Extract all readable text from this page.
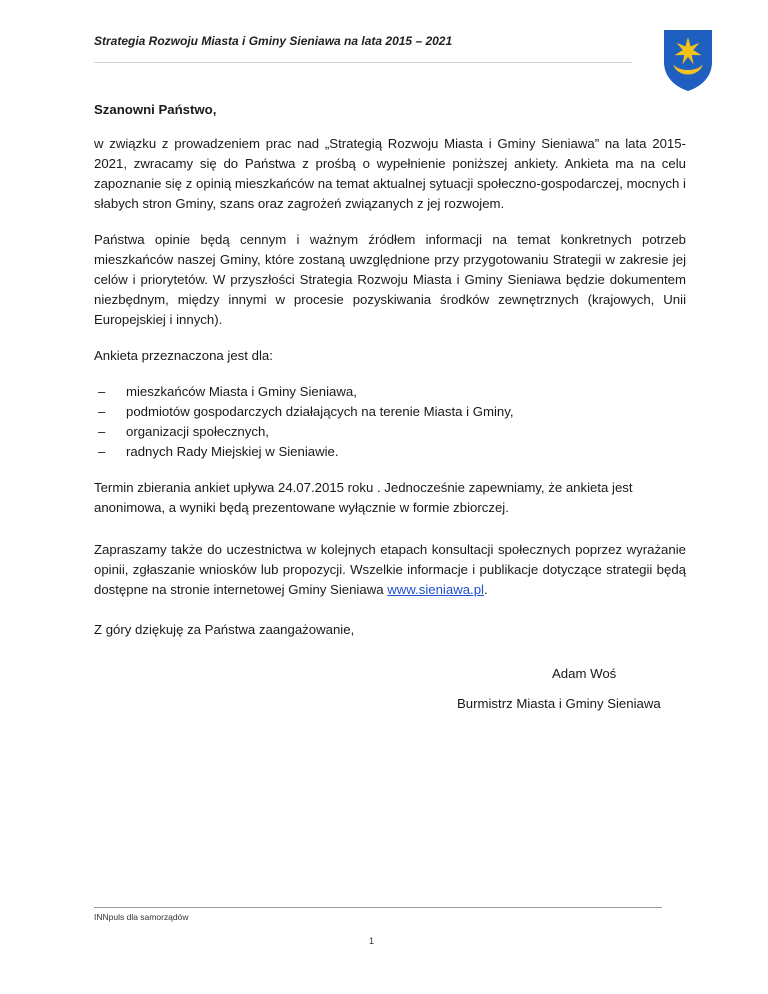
Strategia Rozwoju Miasta i Gminy Sieniawa na lata 2015 – 2021

Szanowni Państwo,

w związku z prowadzeniem prac nad „Strategią Rozwoju Miasta i Gminy Sieniawa” na lata 2015-2021, zwracamy się do Państwa z prośbą o wypełnienie poniższej ankiety. Ankieta ma na celu zapoznanie się z opinią mieszkańców na temat aktualnej sytuacji społeczno-gospodarczej, mocnych i słabych stron Gminy, szans oraz zagrożeń związanych z jej rozwojem.

Państwa opinie będą cennym i ważnym źródłem informacji na temat konkretnych potrzeb mieszkańców naszej Gminy, które zostaną uwzględnione przy przygotowaniu Strategii w zakresie jej celów i priorytetów. W przyszłości Strategia Rozwoju Miasta i Gminy Sieniawa będzie dokumentem niezbędnym, między innymi w procesie pozyskiwania środków zewnętrznych (krajowych, Unii Europejskiej i innych).

Ankieta przeznaczona jest dla:

– mieszkańców Miasta i Gminy Sieniawa,
– podmiotów gospodarczych działających na terenie Miasta i Gminy,
– organizacji społecznych,
– radnych Rady Miejskiej w Sieniawie.

Termin zbierania ankiet upływa 24.07.2015 roku . Jednocześnie zapewniamy, że ankieta jest anonimowa, a wyniki będą prezentowane wyłącznie w formie zbiorczej.

Zapraszamy także do uczestnictwa w kolejnych etapach konsultacji społecznych poprzez wyrażanie opinii, zgłaszanie wniosków lub propozycji. Wszelkie informacje i publikacje dotyczące strategii będą dostępne na stronie internetowej Gminy Sieniawa www.sieniawa.pl.

Z góry dziękuję za Państwa zaangażowanie,

Adam Woś
Burmistrz Miasta i Gminy Sieniawa
INNpuls dla samorządów
1
